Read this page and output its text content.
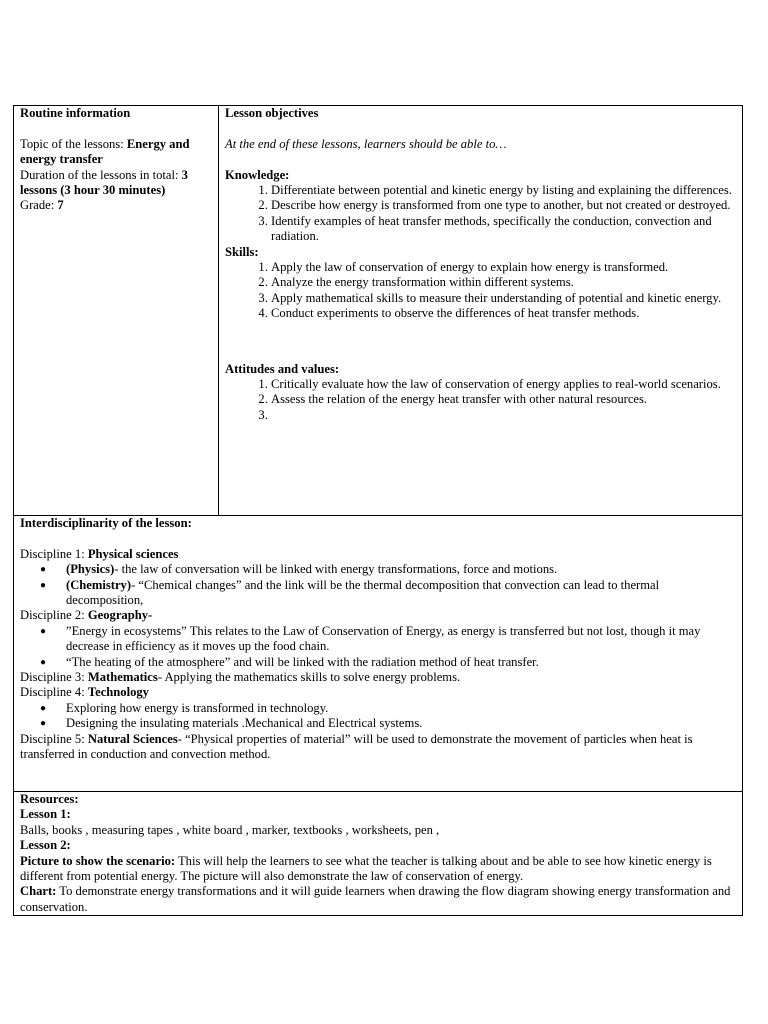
Routine information

Topic of the lessons: Energy and energy transfer

Duration of the lessons in total: 3 lessons (3 hour 30 minutes)

Grade: 7

Lesson objectives

At the end of these lessons, learners should be able to…

Knowledge:

1. Differentiate between potential and kinetic energy by listing and explaining the differences.
2. Describe how energy is transformed from one type to another, but not created or destroyed.
3. Identify examples of heat transfer methods, specifically the conduction, convection and radiation.

Skills:

1. Apply the law of conservation of energy to explain how energy is transformed.
2. Analyze the energy transformation within different systems.
3. Apply mathematical skills to measure their understanding of potential and kinetic energy.
4. Conduct experiments to observe the differences of heat transfer methods.

Attitudes and values:

1. Critically evaluate how the law of conservation of energy applies to real-world scenarios.
2. Assess the relation of the energy heat transfer with other natural resources.
3.

Interdisciplinarity of the lesson:

Discipline 1: Physical sciences

● (Physics)- the law of conversation will be linked with energy transformations, force and motions.
● (Chemistry)- “Chemical changes” and the link will be the thermal decomposition that convection can lead to thermal decomposition,

Discipline 2: Geography-

● ”Energy in ecosystems” This relates to the Law of Conservation of Energy, as energy is transferred but not lost, though it may decrease in efficiency as it moves up the food chain.
● “The heating of the atmosphere” and will be linked with the radiation method of heat transfer.

Discipline 3: Mathematics- Applying the mathematics skills to solve energy problems.

Discipline 4: Technology

● Exploring how energy is transformed in technology.
● Designing the insulating materials .Mechanical and Electrical systems.

Discipline 5: Natural Sciences- “Physical properties of material” will be used to demonstrate the movement of particles when heat is transferred in conduction and convection method.

Resources:

Lesson 1:

Balls, books , measuring tapes , white board , marker, textbooks , worksheets, pen ,

Lesson 2:

Picture to show the scenario: This will help the learners to see what the teacher is talking about and be able to see how kinetic energy is different from potential energy. The picture will also demonstrate the law of conservation of energy.

Chart: To demonstrate energy transformations and it will guide learners when drawing the flow diagram showing energy transformation and conservation.
